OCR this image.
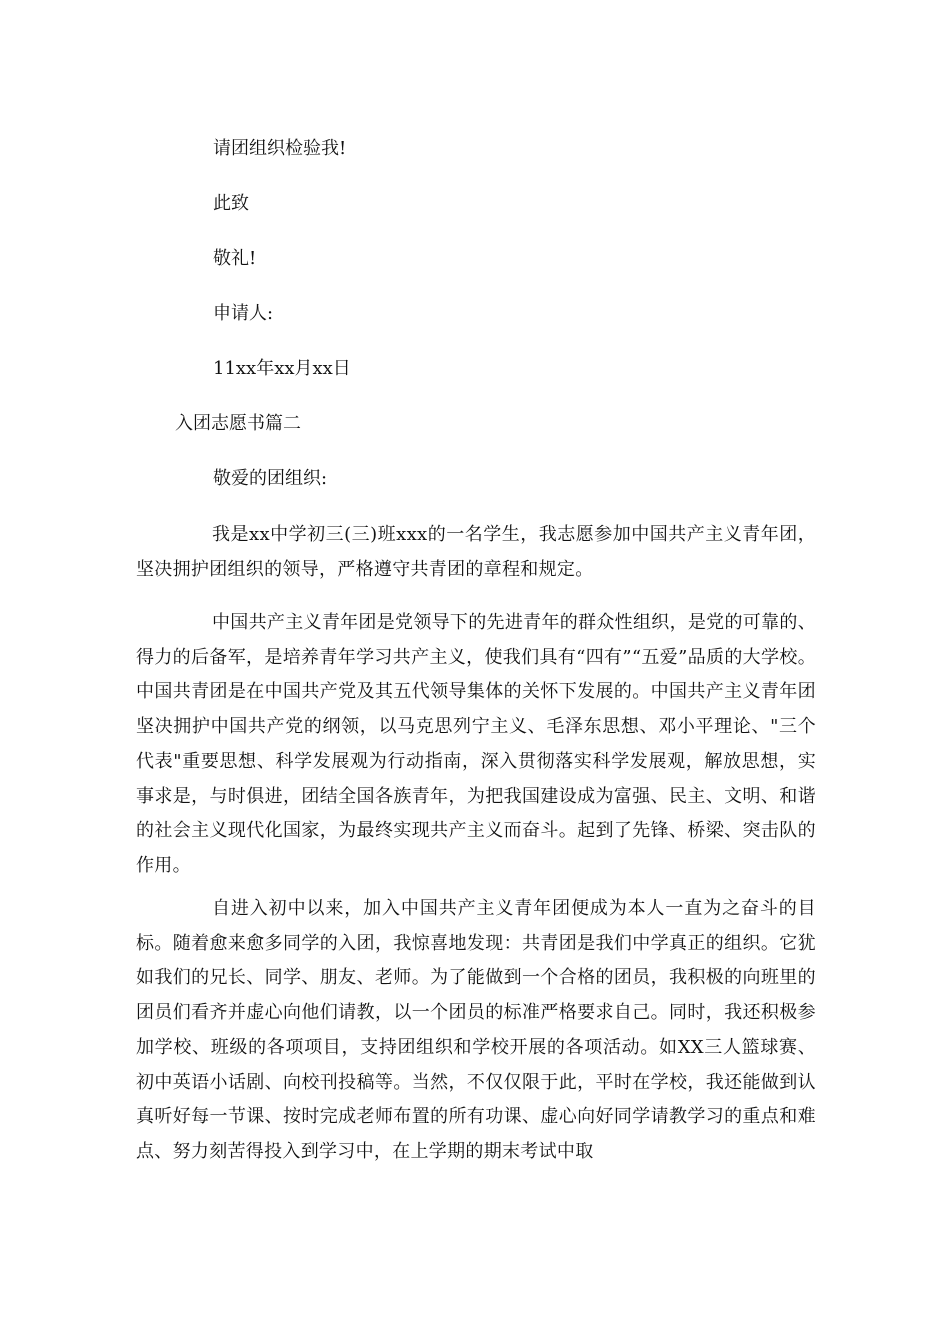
请团组织检验我!

此致

敬礼!

申请人:

11xx年xx月xx日

入团志愿书篇二

敬爱的团组织:

我是xx中学初三(三)班xxx的一名学生，我志愿参加中国共产主义青年团，坚决拥护团组织的领导，严格遵守共青团的章程和规定。

中国共产主义青年团是党领导下的先进青年的群众性组织，是党的可靠的、得力的后备军，是培养青年学习共产主义，使我们具有“四有”“五爱”品质的大学校。中国共青团是在中国共产党及其五代领导集体的关怀下发展的。中国共产主义青年团坚决拥护中国共产党的纲领，以马克思列宁主义、毛泽东思想、邓小平理论、"三个代表"重要思想、科学发展观为行动指南，深入贯彻落实科学发展观，解放思想，实事求是，与时俱进，团结全国各族青年，为把我国建设成为富强、民主、文明、和谐的社会主义现代化国家，为最终实现共产主义而奋斗。起到了先锋、桥梁、突击队的作用。

自进入初中以来，加入中国共产主义青年团便成为本人一直为之奋斗的目标。随着愈来愈多同学的入团，我惊喜地发现：共青团是我们中学真正的组织。它犹如我们的兄长、同学、朋友、老师。为了能做到一个合格的团员，我积极的向班里的团员们看齐并虚心向他们请教，以一个团员的标准严格要求自己。同时，我还积极参加学校、班级的各项项目，支持团组织和学校开展的各项活动。如XX三人篮球赛、初中英语小话剧、向校刊投稿等。当然，不仅仅限于此，平时在学校，我还能做到认真听好每一节课、按时完成老师布置的所有功课、虚心向好同学请教学习的重点和难点、努力刻苦得投入到学习中，在上学期的期末考试中取
